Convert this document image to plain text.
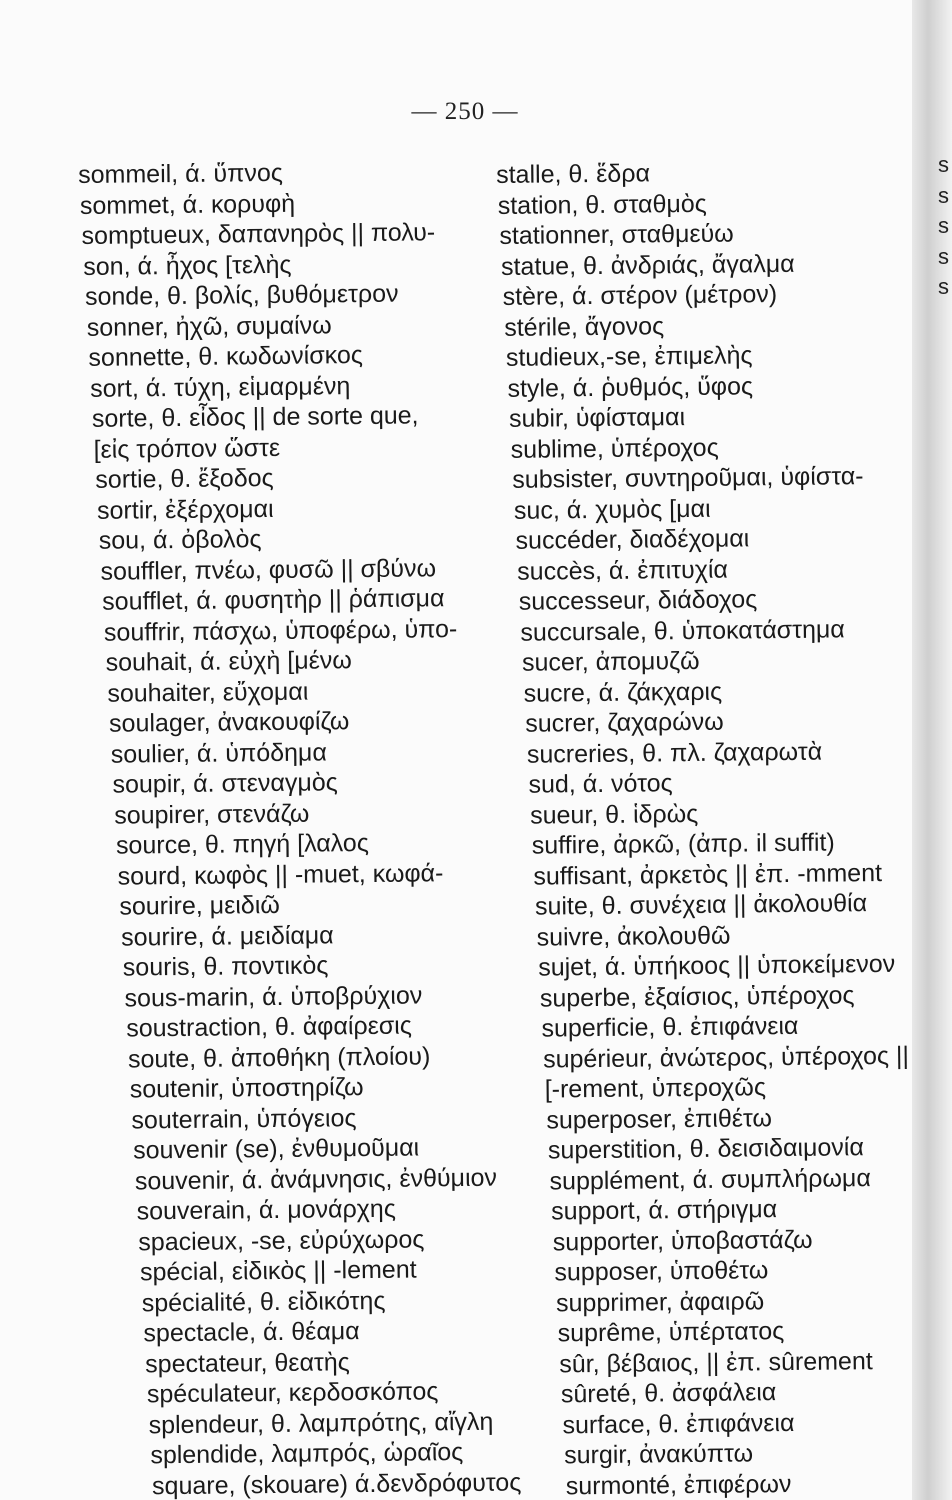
— 250 —
sommeil, ά. ὕπνος
sommet, ά. κορυφὴ
somptueux, δαπανηρὸς || πολυ-
son, ά. ἦχος [τελὴς
sonde, θ. βολίς, βυθόμετρον
sonner, ἠχῶ, συμαίνω
sonnette, θ. κωδωνίσκος
sort, ά. τύχη, εἱμαρμένη
sorte, θ. εἶδος || de sorte que,
[εἰς τρόπον ὥστε
sortie, θ. ἔξοδος
sortir, ἐξέρχομαι
sou, ά. ὀβολὸς
souffler, πνέω, φυσῶ || σβύνω
soufflet, ά. φυσητὴρ || ῥάπισμα
souffrir, πάσχω, ὑποφέρω, ὑπο-
souhait, ά. εὐχὴ [μένω
souhaiter, εὔχομαι
soulager, ἀνακουφίζω
soulier, ά. ὑπόδημα
soupir, ά. στεναγμὸς
soupirer, στενάζω
source, θ. πηγή [λαλος
sourd, κωφὸς || -muet, κωφά-
sourire, μειδιῶ
sourire, ά. μειδίαμα
souris, θ. ποντικὸς
sous-marin, ά. ὑποβρύχιον
soustraction, θ. ἀφαίρεσις
soute, θ. ἀποθήκη (πλοίου)
soutenir, ὑποστηρίζω
souterrain, ὑπόγειος
souvenir (se), ἐνθυμοῦμαι
souvenir, ά. ἀνάμνησις, ἐνθύμιον
souverain, ά. μονάρχης
spacieux, -se, εὐρύχωρος
spécial, εἰδικὸς || -lement
spécialité, θ. εἰδικότης
spectacle, ά. θέαμα
spectateur, θεατὴς
spéculateur, κερδοσκόπος
splendeur, θ. λαμπρότης, αἴγλη
splendide, λαμπρός, ὡραῖος
square, (skouare) ά.δενδρόφυτος
stalle, θ. ἕδρα
station, θ. σταθμὸς
stationner, σταθμεύω
statue, θ. ἀνδριάς, ἄγαλμα
stère, ά. στέρον (μέτρον)
stérile, ἄγονος
studieux,-se, ἐπιμελὴς
style, ά. ῥυθμός, ὕφος
subir, ὑφίσταμαι
sublime, ὑπέροχος
subsister, συντηροῦμαι, ὑφίστα-
suc, ά. χυμὸς [μαι
succéder, διαδέχομαι
succès, ά. ἐπιτυχία
successeur, διάδοχος
succursale, θ. ὑποκατάστημα
sucer, ἀπομυζῶ
sucre, ά. ζάκχαρις
sucrer, ζαχαρώνω
sucreries, θ. πλ. ζαχαρωτὰ
sud, ά. νότος
sueur, θ. ἱδρὼς
suffire, ἀρκῶ, (ἀπρ. il suffit)
suffisant, ἀρκετὸς || ἐπ. -mment
suite, θ. συνέχεια || ἀκολουθία
suivre, ἀκολουθῶ
sujet, ά. ὑπήκοος || ὑποκείμενον
superbe, ἐξαίσιος, ὑπέροχος
superficie, θ. ἐπιφάνεια
supérieur, ἀνώτερος, ὑπέροχος ||
[-rement, ὑπεροχῶς
superposer, ἐπιθέτω
superstition, θ. δεισιδαιμονία
supplément, ά. συμπλήρωμα
support, ά. στήριγμα
supporter, ὑποβαστάζω
supposer, ὑποθέτω
supprimer, ἀφαιρῶ
suprême, ὑπέρτατος
sûr, βέβαιος, || ἐπ. sûrement
sûreté, θ. ἀσφάλεια
surface, θ. ἐπιφάνεια
surgir, ἀνακύπτω
surmonté, ἐπιφέρων
s
s
s
s
s
